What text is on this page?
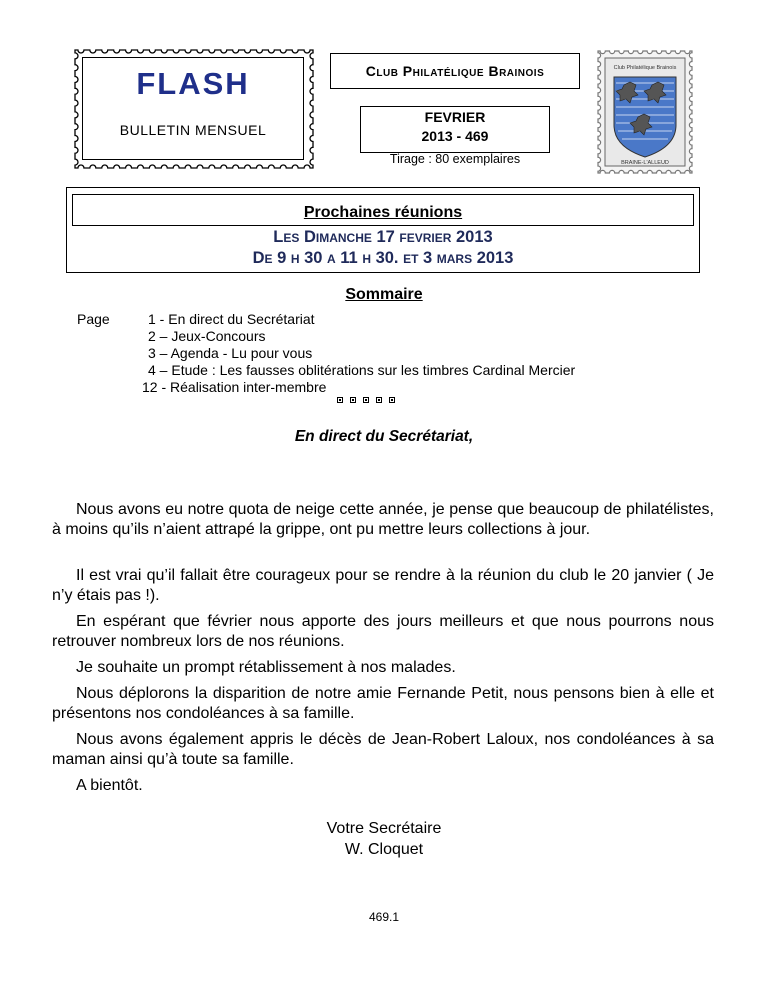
FLASH
BULLETIN MENSUEL
Club Philatélique Brainois
FEVRIER
2013 - 469
Tirage : 80 exemplaires
Club Philatélique Brainois
BRAINE-L'ALLEUD
Prochaines réunions
Les Dimanche 17 fevrier 2013
De 9 h 30 a 11 h 30. et 3 mars 2013
Sommaire
Page	1 - En direct du Secrétariat
2 – Jeux-Concours
3 – Agenda - Lu pour vous
4 – Etude : Les fausses oblitérations sur les timbres Cardinal Mercier
12 - Réalisation inter-membre
En direct du Secrétariat,
Nous avons eu notre quota de neige cette année, je pense que beaucoup de philatélistes, à moins qu’ils n’aient attrapé la grippe, ont pu mettre leurs collections à jour.
Il est vrai qu’il fallait être courageux pour se rendre à la réunion du club le 20 janvier ( Je n’y étais pas !).
En espérant que février nous apporte des jours meilleurs et que nous pourrons nous retrouver nombreux lors de nos réunions.
Je souhaite un prompt rétablissement à nos malades.
Nous déplorons la disparition de notre amie Fernande Petit, nous pensons bien à elle et présentons nos condoléances à sa famille.
Nous avons également appris le décès de Jean-Robert Laloux, nos condoléances à sa maman ainsi qu’à toute sa famille.
A bientôt.
Votre Secrétaire
W. Cloquet
469.1
